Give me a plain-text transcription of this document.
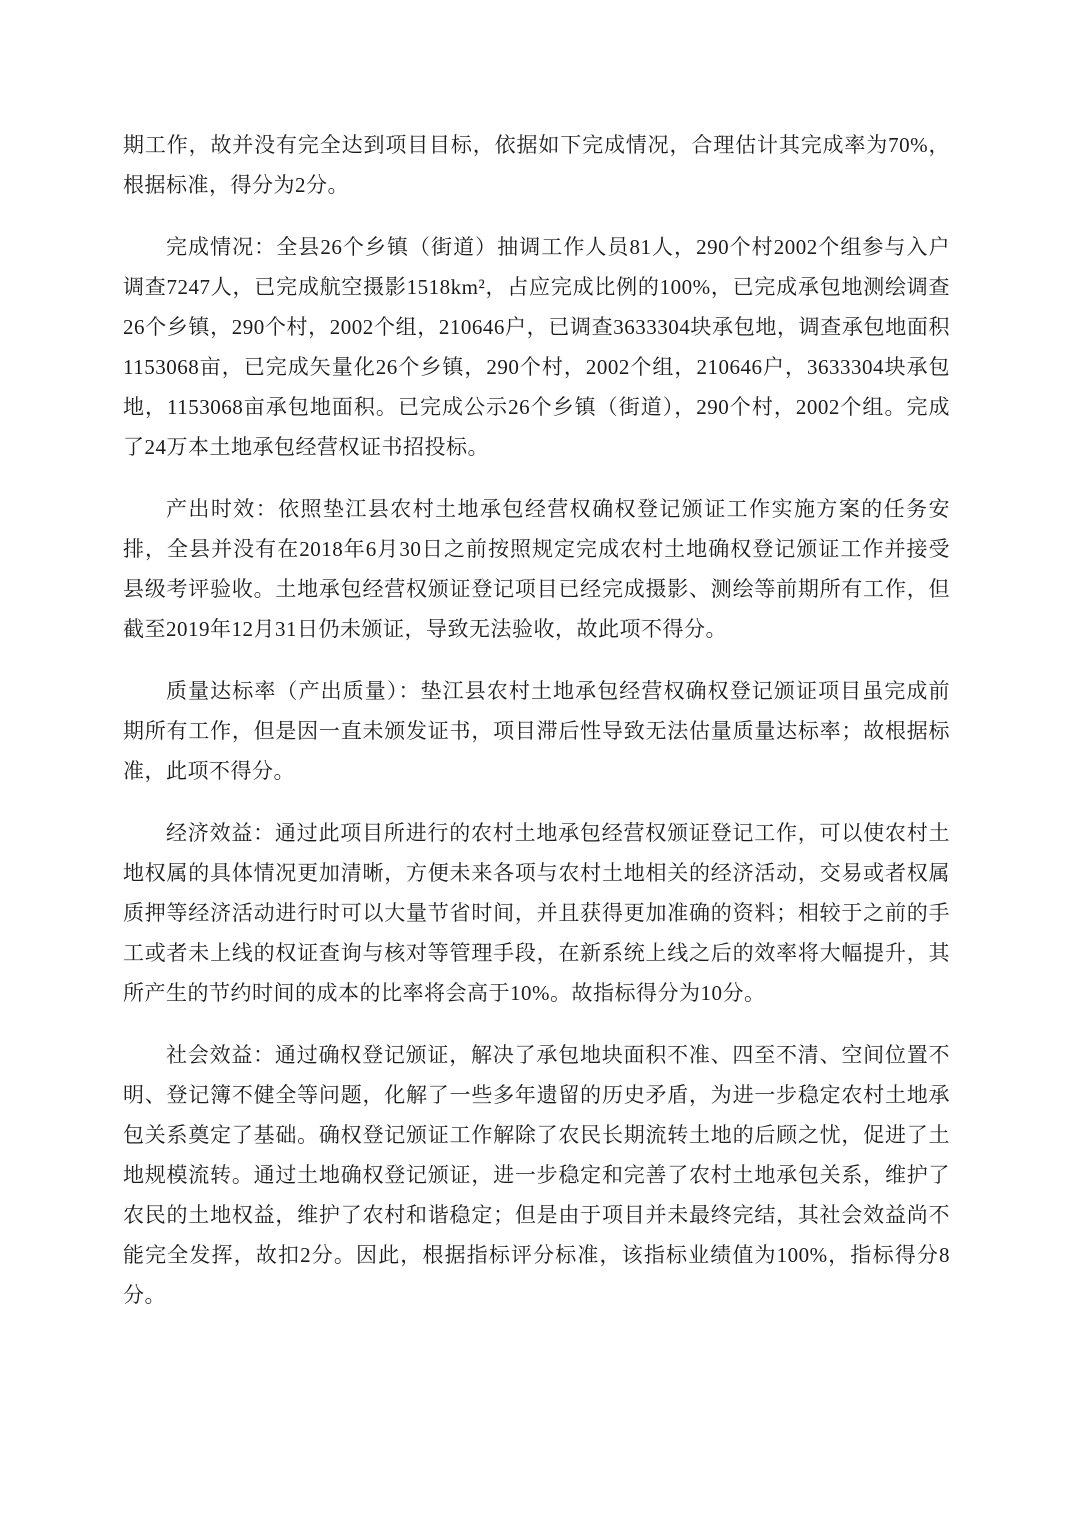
期工作，故并没有完全达到项目目标，依据如下完成情况，合理估计其完成率为70%，根据标准，得分为2分。

完成情况：全县26个乡镇（街道）抽调工作人员81人，290个村2002个组参与入户调查7247人，已完成航空摄影1518km²，占应完成比例的100%，已完成承包地测绘调查26个乡镇，290个村，2002个组，210646户，已调查3633304块承包地，调查承包地面积1153068亩，已完成矢量化26个乡镇，290个村，2002个组，210646户，3633304块承包地，1153068亩承包地面积。已完成公示26个乡镇（街道），290个村，2002个组。完成了24万本土地承包经营权证书招投标。

产出时效：依照垫江县农村土地承包经营权确权登记颁证工作实施方案的任务安排，全县并没有在2018年6月30日之前按照规定完成农村土地确权登记颁证工作并接受县级考评验收。土地承包经营权颁证登记项目已经完成摄影、测绘等前期所有工作，但截至2019年12月31日仍未颁证，导致无法验收，故此项不得分。

质量达标率（产出质量）：垫江县农村土地承包经营权确权登记颁证项目虽完成前期所有工作，但是因一直未颁发证书，项目滞后性导致无法估量质量达标率；故根据标准，此项不得分。

经济效益：通过此项目所进行的农村土地承包经营权颁证登记工作，可以使农村土地权属的具体情况更加清晰，方便未来各项与农村土地相关的经济活动，交易或者权属质押等经济活动进行时可以大量节省时间，并且获得更加准确的资料；相较于之前的手工或者未上线的权证查询与核对等管理手段，在新系统上线之后的效率将大幅提升，其所产生的节约时间的成本的比率将会高于10%。故指标得分为10分。

社会效益：通过确权登记颁证，解决了承包地块面积不准、四至不清、空间位置不明、登记簿不健全等问题，化解了一些多年遗留的历史矛盾，为进一步稳定农村土地承包关系奠定了基础。确权登记颁证工作解除了农民长期流转土地的后顾之忧，促进了土地规模流转。通过土地确权登记颁证，进一步稳定和完善了农村土地承包关系，维护了农民的土地权益，维护了农村和谐稳定；但是由于项目并未最终完结，其社会效益尚不能完全发挥，故扣2分。因此，根据指标评分标准，该指标业绩值为100%，指标得分8分。
